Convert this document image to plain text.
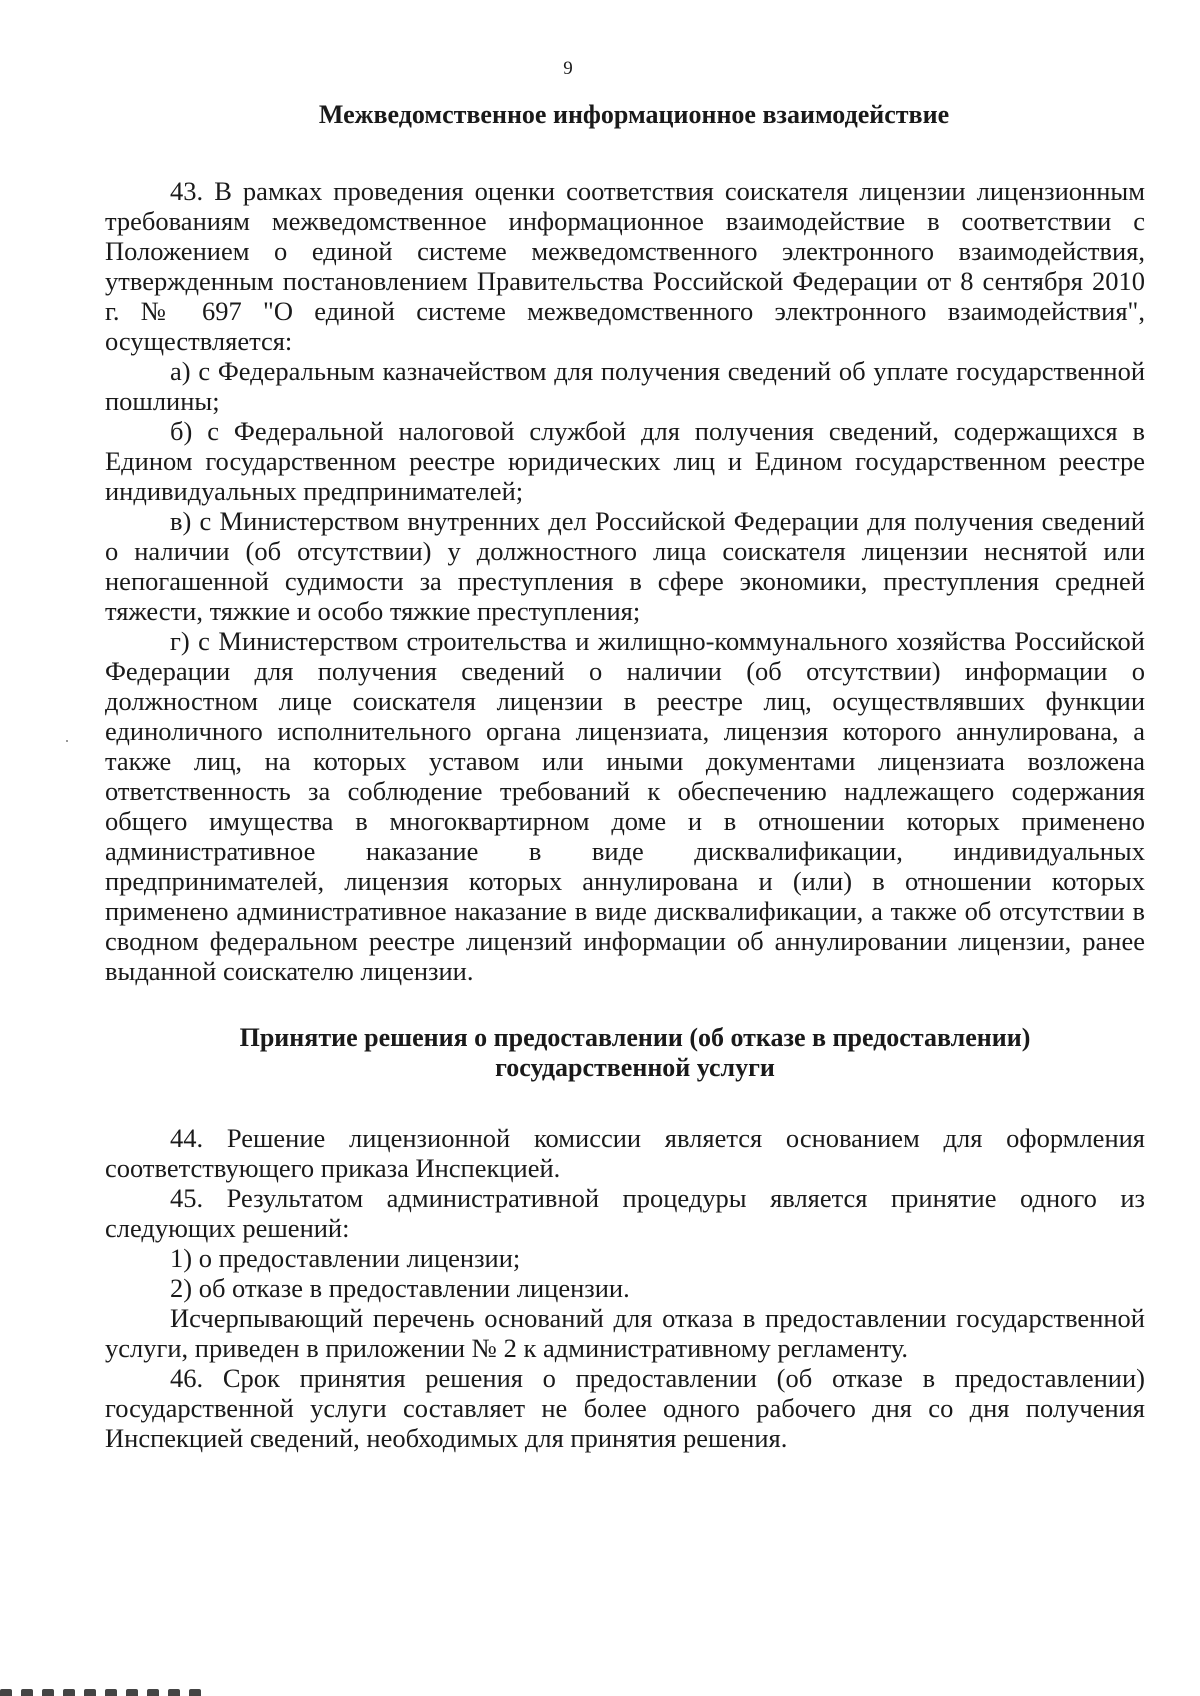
9

Межведомственное информационное взаимодействие

43. В рамках проведения оценки соответствия соискателя лицензии лицензионным требованиям межведомственное информационное взаимодействие в соответствии с Положением о единой системе межведомственного электронного взаимодействия, утвержденным постановлением Правительства Российской Федерации от 8 сентября 2010 г. № 697 "О единой системе межведомственного электронного взаимодействия", осуществляется:

а) с Федеральным казначейством для получения сведений об уплате государственной пошлины;

б) с Федеральной налоговой службой для получения сведений, содержащихся в Едином государственном реестре юридических лиц и Едином государственном реестре индивидуальных предпринимателей;

в) с Министерством внутренних дел Российской Федерации для получения сведений о наличии (об отсутствии) у должностного лица соискателя лицензии неснятой или непогашенной судимости за преступления в сфере экономики, преступления средней тяжести, тяжкие и особо тяжкие преступления;

г) с Министерством строительства и жилищно-коммунального хозяйства Российской Федерации для получения сведений о наличии (об отсутствии) информации о должностном лице соискателя лицензии в реестре лиц, осуществлявших функции единоличного исполнительного органа лицензиата, лицензия которого аннулирована, а также лиц, на которых уставом или иными документами лицензиата возложена ответственность за соблюдение требований к обеспечению надлежащего содержания общего имущества в многоквартирном доме и в отношении которых применено административное наказание в виде дисквалификации, индивидуальных предпринимателей, лицензия которых аннулирована и (или) в отношении которых применено административное наказание в виде дисквалификации, а также об отсутствии в сводном федеральном реестре лицензий информации об аннулировании лицензии, ранее выданной соискателю лицензии.

Принятие решения о предоставлении (об отказе в предоставлении)
государственной услуги

44. Решение лицензионной комиссии является основанием для оформления соответствующего приказа Инспекцией.

45. Результатом административной процедуры является принятие одного из следующих решений:

1) о предоставлении лицензии;

2) об отказе в предоставлении лицензии.

Исчерпывающий перечень оснований для отказа в предоставлении государственной услуги, приведен в приложении № 2 к административному регламенту.

46. Срок принятия решения о предоставлении (об отказе в предоставлении) государственной услуги составляет не более одного рабочего дня со дня получения Инспекцией сведений, необходимых для принятия решения.
